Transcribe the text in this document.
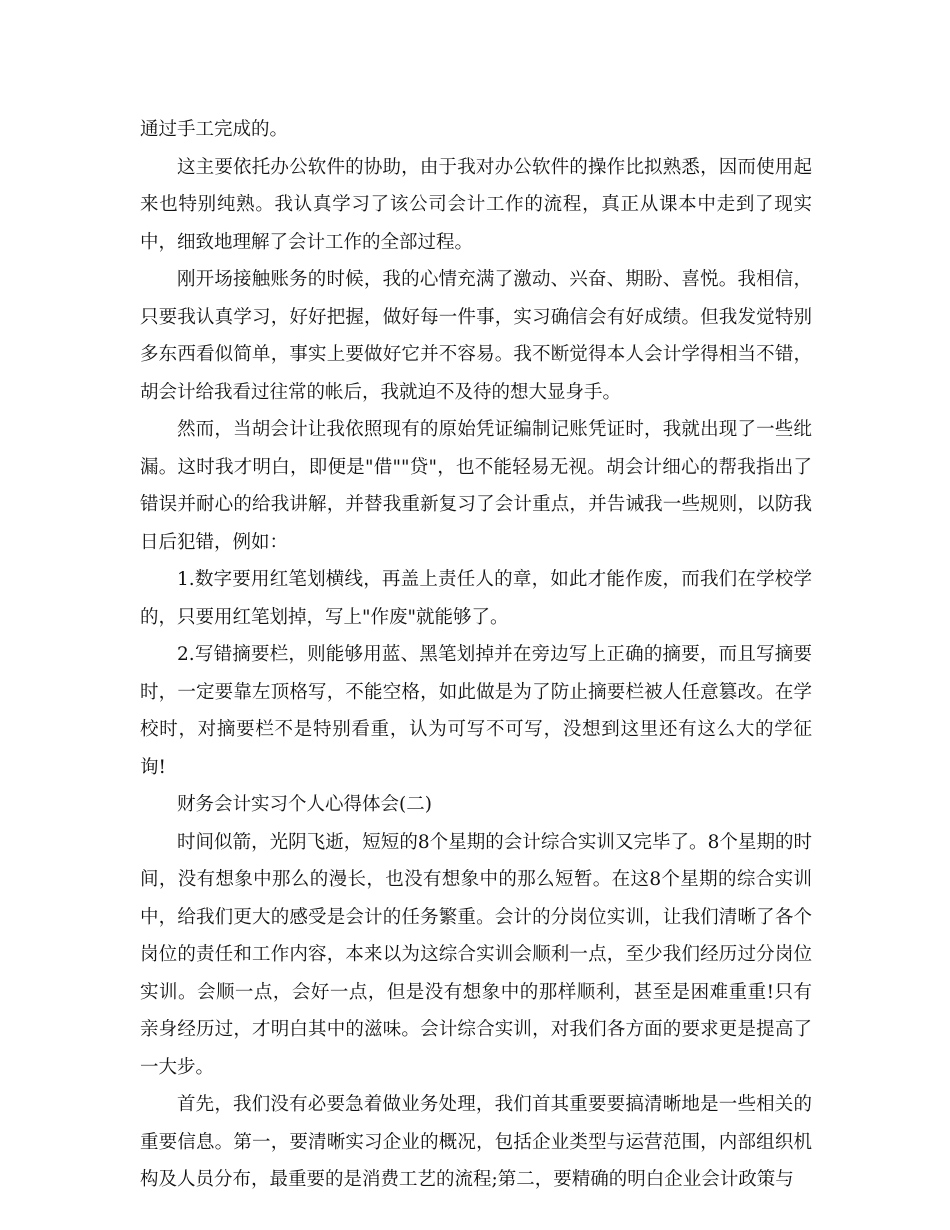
通过手工完成的。

这主要依托办公软件的协助，由于我对办公软件的操作比拟熟悉，因而使用起来也特别纯熟。我认真学习了该公司会计工作的流程，真正从课本中走到了现实中，细致地理解了会计工作的全部过程。

刚开场接触账务的时候，我的心情充满了激动、兴奋、期盼、喜悦。我相信，只要我认真学习，好好把握，做好每一件事，实习确信会有好成绩。但我发觉特别多东西看似简单，事实上要做好它并不容易。我不断觉得本人会计学得相当不错，胡会计给我看过往常的帐后，我就迫不及待的想大显身手。

然而，当胡会计让我依照现有的原始凭证编制记账凭证时，我就出现了一些纰漏。这时我才明白，即便是"借""贷"，也不能轻易无视。胡会计细心的帮我指出了错误并耐心的给我讲解，并替我重新复习了会计重点，并告诫我一些规则，以防我日后犯错，例如：

1.数字要用红笔划横线，再盖上责任人的章，如此才能作废，而我们在学校学的，只要用红笔划掉，写上"作废"就能够了。

2.写错摘要栏，则能够用蓝、黑笔划掉并在旁边写上正确的摘要，而且写摘要时，一定要靠左顶格写，不能空格，如此做是为了防止摘要栏被人任意篡改。在学校时，对摘要栏不是特别看重，认为可写不可写，没想到这里还有这么大的学征询!

财务会计实习个人心得体会(二)

时间似箭，光阴飞逝，短短的8个星期的会计综合实训又完毕了。8个星期的时间，没有想象中那么的漫长，也没有想象中的那么短暂。在这8个星期的综合实训中，给我们更大的感受是会计的任务繁重。会计的分岗位实训，让我们清晰了各个岗位的责任和工作内容，本来以为这综合实训会顺利一点，至少我们经历过分岗位实训。会顺一点，会好一点，但是没有想象中的那样顺利，甚至是困难重重!只有亲身经历过，才明白其中的滋味。会计综合实训，对我们各方面的要求更是提高了一大步。

首先，我们没有必要急着做业务处理，我们首其重要要搞清晰地是一些相关的重要信息。第一，要清晰实习企业的概况，包括企业类型与运营范围，内部组织机构及人员分布，最重要的是消费工艺的流程;第二，要精确的明白企业会计政策与
